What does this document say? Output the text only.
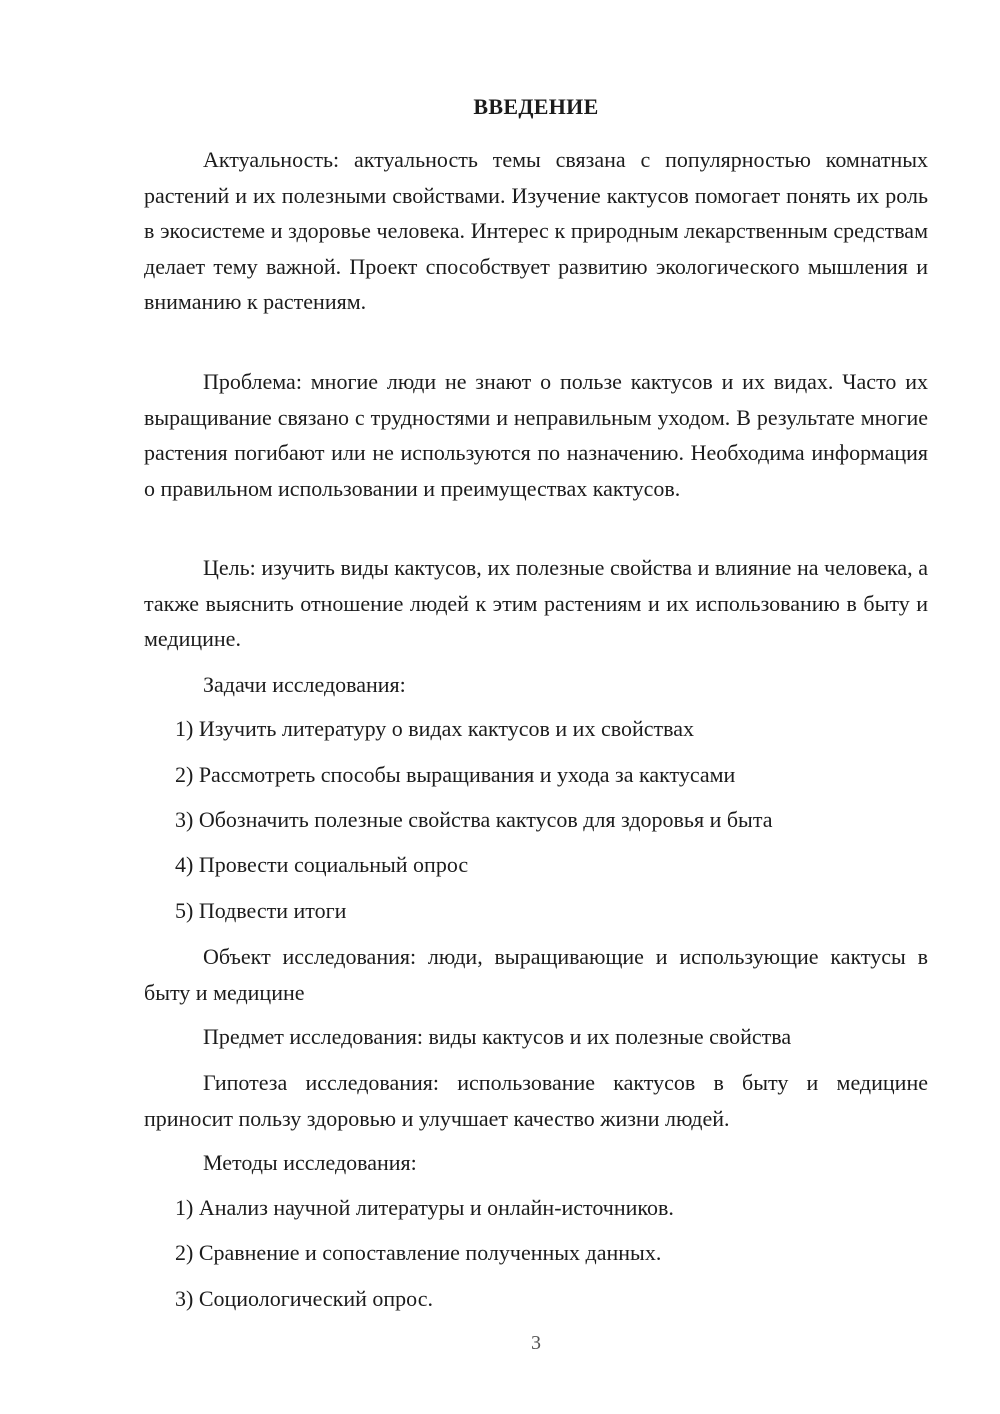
ВВЕДЕНИЕ

Актуальность: актуальность темы связана с популярностью комнатных растений и их полезными свойствами. Изучение кактусов помогает понять их роль в экосистеме и здоровье человека. Интерес к природным лекарственным средствам делает тему важной. Проект способствует развитию экологического мышления и вниманию к растениям.

Проблема: многие люди не знают о пользе кактусов и их видах. Часто их выращивание связано с трудностями и неправильным уходом. В результате многие растения погибают или не используются по назначению. Необходима информация о правильном использовании и преимуществах кактусов.

Цель: изучить виды кактусов, их полезные свойства и влияние на человека, а также выяснить отношение людей к этим растениям и их использованию в быту и медицине.

Задачи исследования:

1) Изучить литературу о видах кактусов и их свойствах
2) Рассмотреть способы выращивания и ухода за кактусами
3) Обозначить полезные свойства кактусов для здоровья и быта
4) Провести социальный опрос
5) Подвести итоги

Объект исследования: люди, выращивающие и использующие кактусы в быту и медицине

Предмет исследования: виды кактусов и их полезные свойства

Гипотеза исследования: использование кактусов в быту и медицине приносит пользу здоровью и улучшает качество жизни людей.

Методы исследования:

1) Анализ научной литературы и онлайн-источников.
2) Сравнение и сопоставление полученных данных.
3) Социологический опрос.
3
